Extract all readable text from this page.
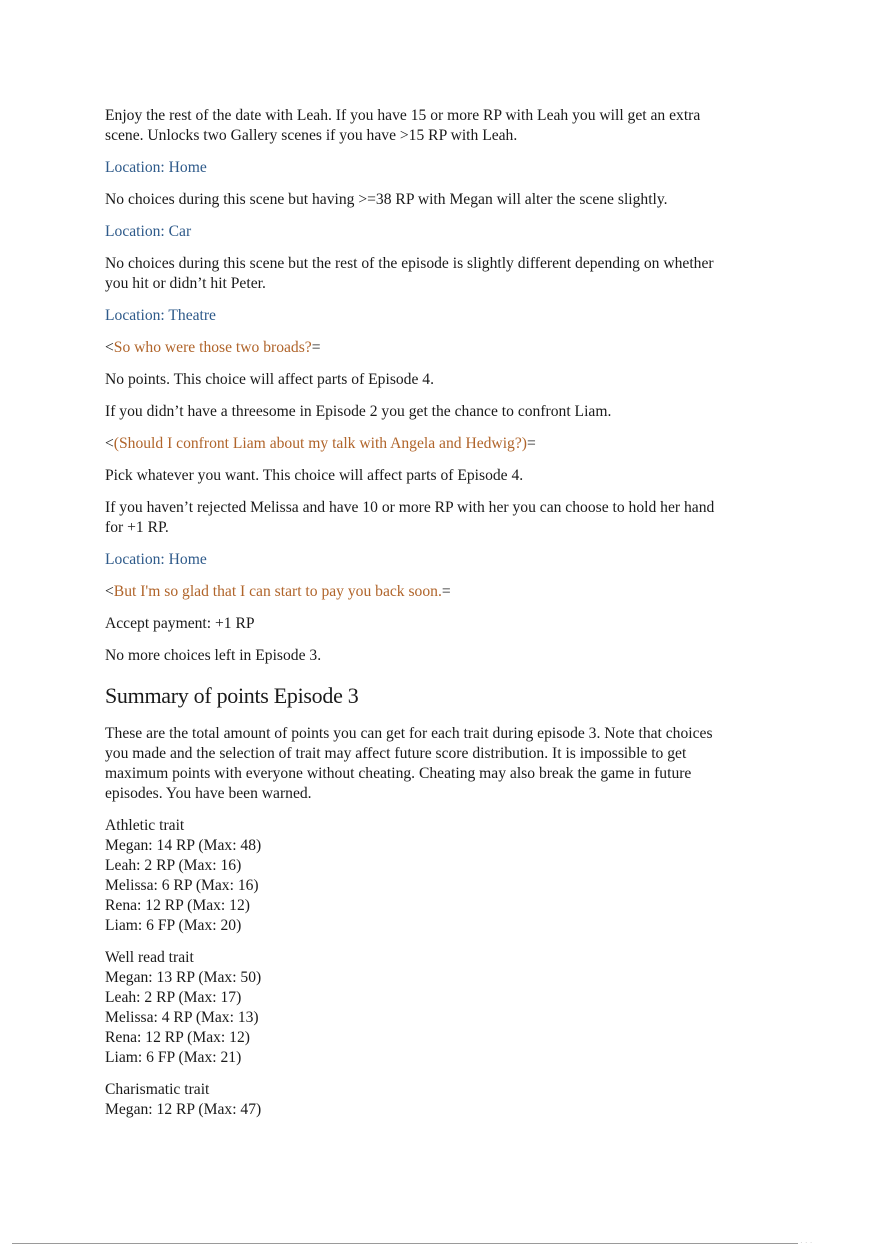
Enjoy the rest of the date with Leah. If you have 15 or more RP with Leah you will get an extra scene. Unlocks two Gallery scenes if you have >15 RP with Leah.

Location: Home

No choices during this scene but having >=38 RP with Megan will alter the scene slightly.

Location: Car

No choices during this scene but the rest of the episode is slightly different depending on whether you hit or didn’t hit Peter.

Location: Theatre

<So who were those two broads?=

No points. This choice will affect parts of Episode 4.

If you didn’t have a threesome in Episode 2 you get the chance to confront Liam.

<(Should I confront Liam about my talk with Angela and Hedwig?)=

Pick whatever you want. This choice will affect parts of Episode 4.

If you haven’t rejected Melissa and have 10 or more RP with her you can choose to hold her hand for +1 RP.

Location: Home

<But I'm so glad that I can start to pay you back soon.=

Accept payment: +1 RP

No more choices left in Episode 3.

Summary of points Episode 3

These are the total amount of points you can get for each trait during episode 3. Note that choices you made and the selection of trait may affect future score distribution. It is impossible to get maximum points with everyone without cheating. Cheating may also break the game in future episodes. You have been warned.

Athletic trait
Megan: 14 RP (Max: 48)
Leah: 2 RP (Max: 16)
Melissa: 6 RP (Max: 16)
Rena: 12 RP (Max: 12)
Liam: 6 FP (Max: 20)
Well read trait
Megan: 13 RP (Max: 50)
Leah: 2 RP (Max: 17)
Melissa: 4 RP (Max: 13)
Rena: 12 RP (Max: 12)
Liam: 6 FP (Max: 21)
Charismatic trait
Megan: 12 RP (Max: 47)
· · ·
